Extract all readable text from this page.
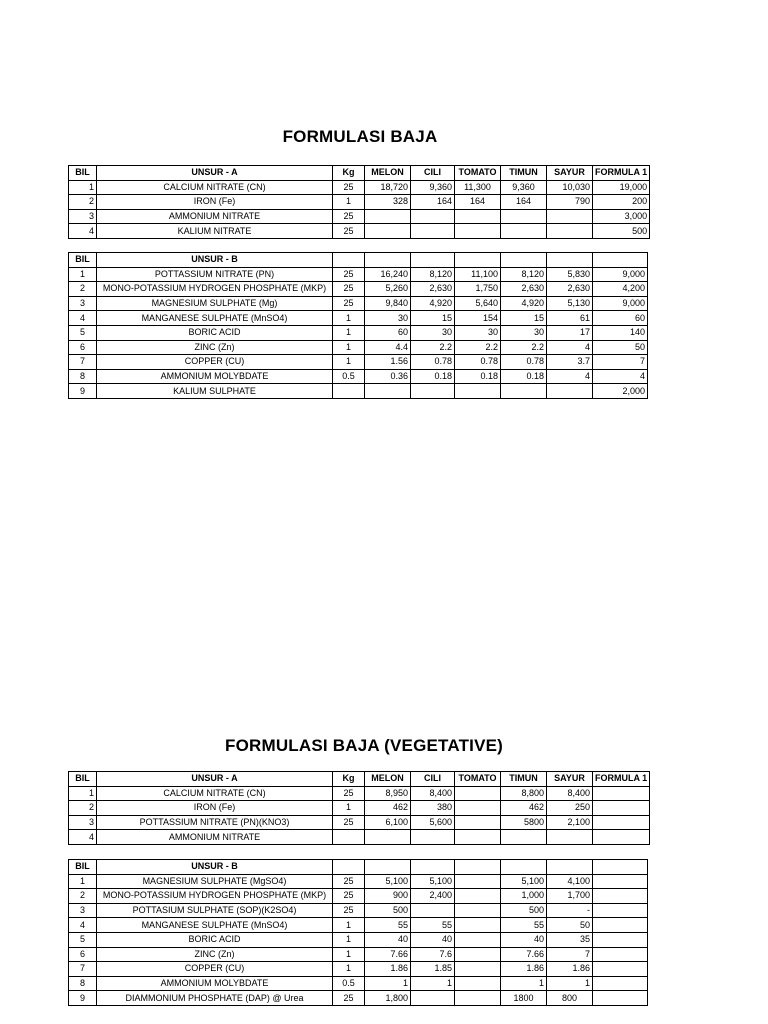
FORMULASI BAJA
BIL	UNSUR - A	Kg	MELON	CILI	TOMATO	TIMUN	SAYUR	FORMULA 1
1	CALCIUM NITRATE (CN)	25	18,720	9,360	11,300	9,360	10,030	19,000
2	IRON (Fe)	1	328	164	164	164	790	200
3	AMMONIUM NITRATE	25						3,000
4	KALIUM NITRATE	25						500
BIL	UNSUR - B							
1	POTTASSIUM NITRATE (PN)	25	16,240	8,120	11,100	8,120	5,830	9,000
2	MONO-POTASSIUM HYDROGEN PHOSPHATE (MKP)	25	5,260	2,630	1,750	2,630	2,630	4,200
3	MAGNESIUM SULPHATE (Mg)	25	9,840	4,920	5,640	4,920	5,130	9,000
4	MANGANESE SULPHATE (MnSO4)	1	30	15	154	15	61	60
5	BORIC ACID	1	60	30	30	30	17	140
6	ZINC (Zn)	1	4.4	2.2	2.2	2.2	4	50
7	COPPER (CU)	1	1.56	0.78	0.78	0.78	3.7	7
8	AMMONIUM MOLYBDATE	0.5	0.36	0.18	0.18	0.18	4	4
9	KALIUM SULPHATE							2,000
FORMULASI BAJA (VEGETATIVE)
BIL	UNSUR - A	Kg	MELON	CILI	TOMATO	TIMUN	SAYUR	FORMULA 1
1	CALCIUM NITRATE (CN)	25	8,950	8,400		8,800	8,400	
2	IRON (Fe)	1	462	380		462	250	
3	POTTASSIUM NITRATE (PN)(KNO3)	25	6,100	5,600		5800	2,100	
4	AMMONIUM NITRATE							
BIL	UNSUR - B							
1	MAGNESIUM SULPHATE (MgSO4)	25	5,100	5,100		5,100	4,100	
2	MONO-POTASSIUM HYDROGEN PHOSPHATE (MKP)	25	900	2,400		1,000	1,700	
3	POTTASIUM SULPHATE (SOP)(K2SO4)	25	500			500	-	
4	MANGANESE SULPHATE (MnSO4)	1	55	55		55	50	
5	BORIC ACID	1	40	40		40	35	
6	ZINC (Zn)	1	7.66	7.6		7.66	7	
7	COPPER (CU)	1	1.86	1.85		1.86	1.86	
8	AMMONIUM MOLYBDATE	0.5	1	1		1	1	
9	DIAMMONIUM PHOSPHATE (DAP) @ Urea	25	1,800			1800	800	
